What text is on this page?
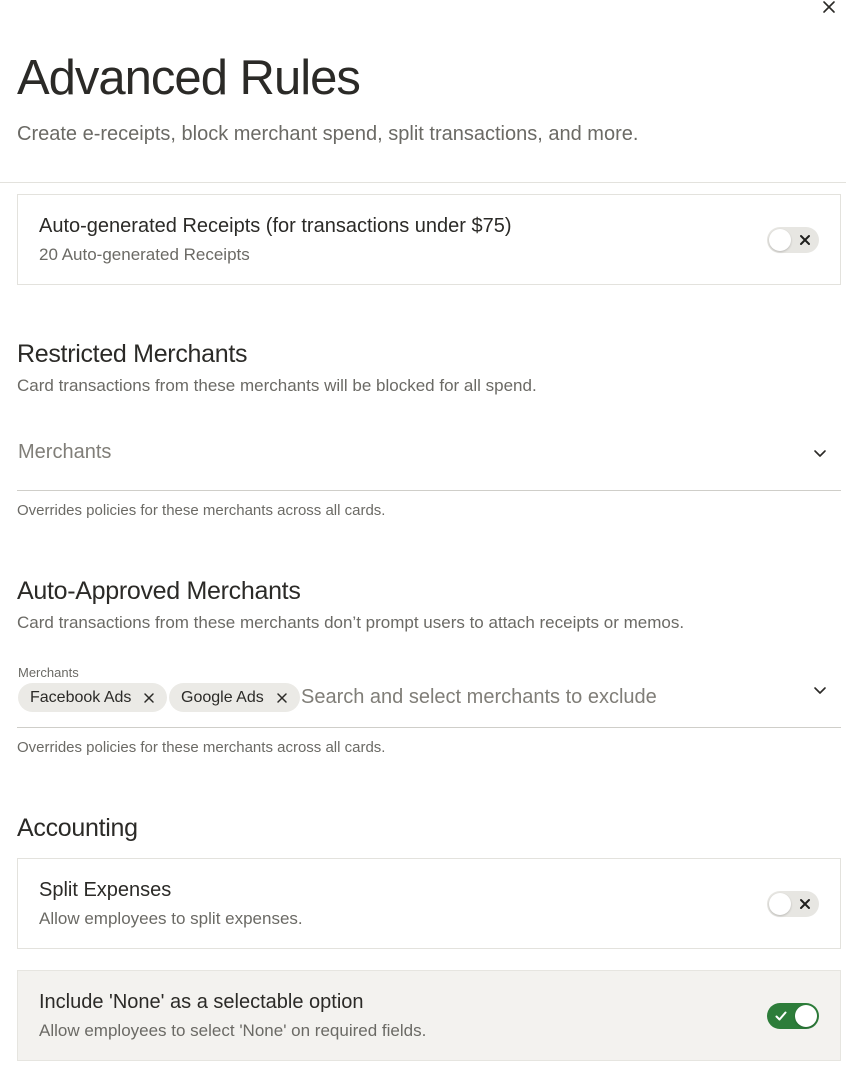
Advanced Rules
Create e-receipts, block merchant spend, split transactions, and more.
Auto-generated Receipts (for transactions under $75)
20 Auto-generated Receipts
Restricted Merchants
Card transactions from these merchants will be blocked for all spend.
Merchants
Overrides policies for these merchants across all cards.
Auto-Approved Merchants
Card transactions from these merchants don’t prompt users to attach receipts or memos.
Merchants
Facebook Ads	Google Ads
Search and select merchants to exclude
Overrides policies for these merchants across all cards.
Accounting
Split Expenses
Allow employees to split expenses.
Include 'None' as a selectable option
Allow employees to select 'None' on required fields.
